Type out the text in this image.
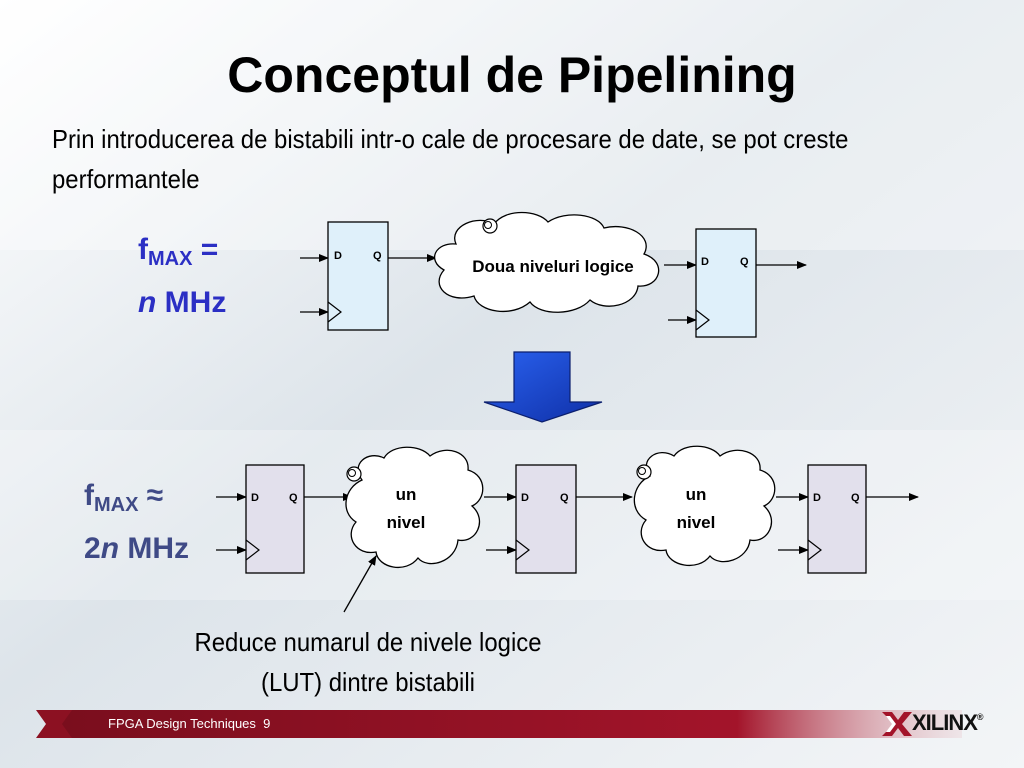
D	Q
Doua niveluri logice	D	Q
D	Q	un
nivel
D	Q	un
nivel
D	Q
Conceptul de Pipelining
Prin introducerea de bistabili intr-o cale de procesare de date, se pot creste performantele
$f_{MAX}$ =
n MHz
$f_{MAX}$ ≈
2n MHz
Reduce numarul de nivele logice
(LUT) dintre bistabili
FPGA Design Techniques 9	XILINX®
